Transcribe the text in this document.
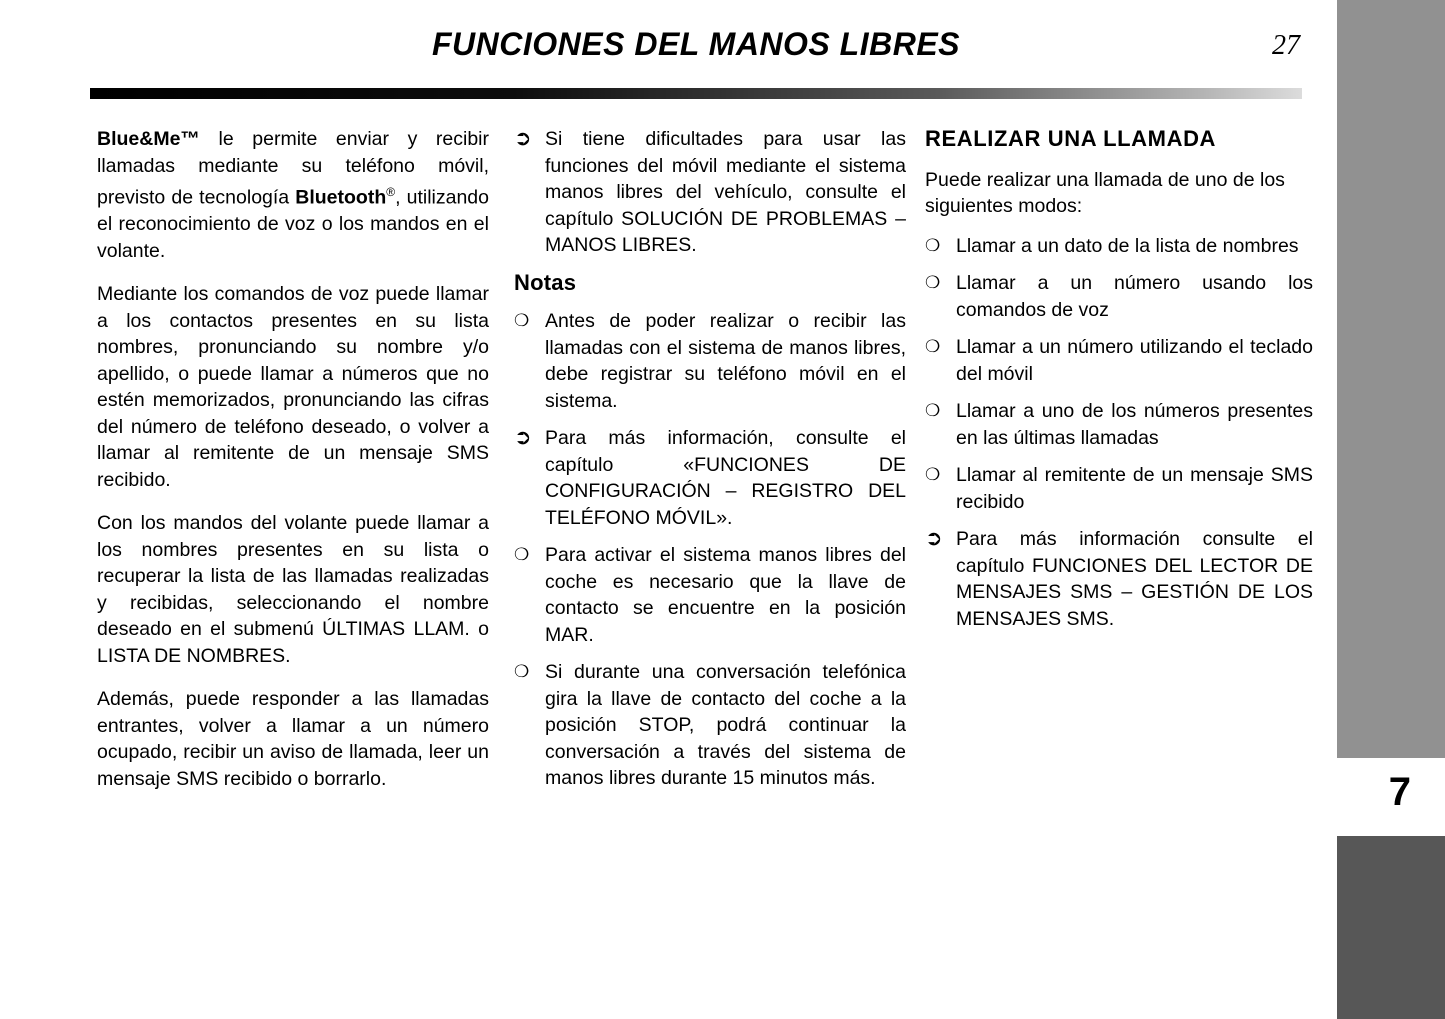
FUNCIONES DEL MANOS LIBRES	27
7

Blue&Me™ le permite enviar y recibir llamadas mediante su teléfono móvil, previsto de tecnología Bluetooth®, utilizando el reconocimiento de voz o los mandos en el volante.

Mediante los comandos de voz puede llamar a los contactos presentes en su lista nombres, pronunciando su nombre y/o apellido, o puede llamar a números que no estén memorizados, pronunciando las cifras del número de teléfono deseado, o volver a llamar al remitente de un mensaje SMS recibido.

Con los mandos del volante puede llamar a los nombres presentes en su lista o recuperar la lista de las llamadas realizadas y recibidas, seleccionando el nombre deseado en el submenú ÚLTIMAS LLAM. o LISTA DE NOMBRES.

Además, puede responder a las llamadas entrantes, volver a llamar a un número ocupado, recibir un aviso de llamada, leer un mensaje SMS recibido o borrarlo.

➲ Si tiene dificultades para usar las funciones del móvil mediante el sistema manos libres del vehículo, consulte el capítulo SOLUCIÓN DE PROBLEMAS – MANOS LIBRES.
Notas
❍ Antes de poder realizar o recibir las llamadas con el sistema de manos libres, debe registrar su teléfono móvil en el sistema.
➲ Para más información, consulte el capítulo «FUNCIONES DE CONFIGURACIÓN – REGISTRO DEL TELÉFONO MÓVIL».
❍ Para activar el sistema manos libres del coche es necesario que la llave de contacto se encuentre en la posición MAR.
❍ Si durante una conversación telefónica gira la llave de contacto del coche a la posición STOP, podrá continuar la conversación a través del sistema de manos libres durante 15 minutos más.
REALIZAR UNA LLAMADA

Puede realizar una llamada de uno de los siguientes modos:

❍ Llamar a un dato de la lista de nombres
❍ Llamar a un número usando los comandos de voz
❍ Llamar a un número utilizando el teclado del móvil
❍ Llamar a uno de los números presentes en las últimas llamadas
❍ Llamar al remitente de un mensaje SMS recibido
➲ Para más información consulte el capítulo FUNCIONES DEL LECTOR DE MENSAJES SMS – GESTIÓN DE LOS MENSAJES SMS.
